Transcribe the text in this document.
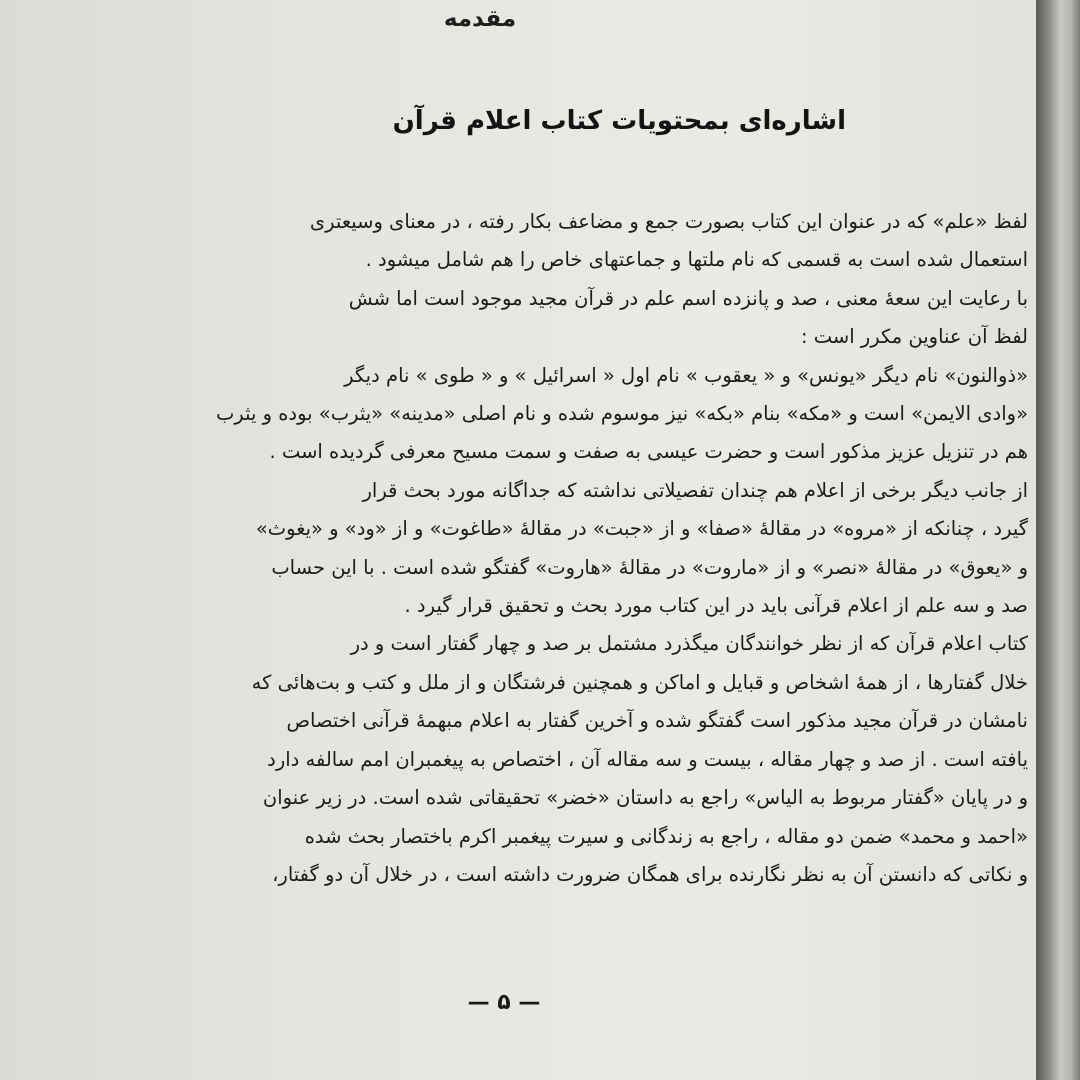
مقدمه
اشاره‌ای بمحتویات کتاب اعلام قرآن
لفظ «علم» که در عنوان این کتاب بصورت جمع و مضاعف بکار رفته ، در معنای وسیعتری
استعمال شده است به قسمی که نام ملتها و جماعتهای خاص را هم شامل میشود .
با رعایت این سعهٔ معنی ، صد و پانزده اسم علم در قرآن مجید موجود است اما شش
لفظ آن عناوین مکرر است :
«ذوالنون» نام دیگر «یونس» و « یعقوب » نام اول « اسرائیل » و « طوی » نام دیگر
«وادی الایمن» است و «مکه» بنام «بکه» نیز موسوم شده و نام اصلی «مدینه» «یثرب» بوده و یثرب
هم در تنزیل عزیز مذکور است و حضرت عیسی به صفت و سمت مسیح معرفی گردیده است .
از جانب دیگر برخی از اعلام هم چندان تفصیلاتی نداشته که جداگانه مورد بحث قرار
گیرد ، چنانکه از «مروه» در مقالهٔ «صفا» و از «جبت» در مقالهٔ «طاغوت» و از «ود» و «یغوث»
و «یعوق» در مقالهٔ «نصر» و از «ماروت» در مقالهٔ «هاروت» گفتگو شده است . با این حساب
صد و سه علم از اعلام قرآنی باید در این کتاب مورد بحث و تحقیق قرار گیرد .
کتاب اعلام قرآن که از نظر خوانندگان میگذرد مشتمل بر صد و چهار گفتار است و در
خلال گفتارها ، از همهٔ اشخاص و قبایل و اماکن و همچنین فرشتگان و از ملل و کتب و بت‌هائی که
نامشان در قرآن مجید مذکور است گفتگو شده و آخرین گفتار به اعلام مبهمهٔ قرآنی اختصاص
یافته است . از صد و چهار مقاله ، بیست و سه مقاله آن ، اختصاص به پیغمبران امم سالفه دارد
و در پایان «گفتار مربوط به الیاس» راجع به داستان «خضر» تحقیقاتی شده است. در زیر عنوان
«احمد و محمد» ضمن دو مقاله ، راجع به زندگانی و سیرت پیغمبر اکرم باختصار بحث شده
و نکاتی که دانستن آن به نظر نگارنده برای همگان ضرورت داشته است ، در خلال آن دو گفتار،
— ۵ —
